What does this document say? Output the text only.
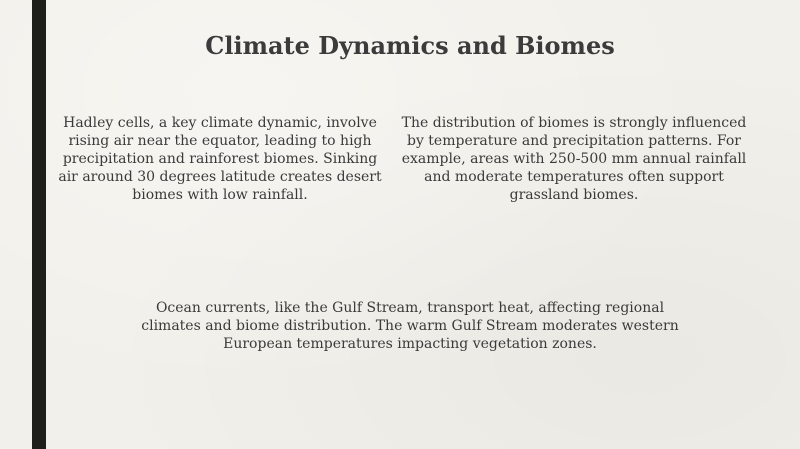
Climate Dynamics and Biomes
Hadley cells, a key climate dynamic, involve rising air near the equator, leading to high precipitation and rainforest biomes. Sinking air around 30 degrees latitude creates desert biomes with low rainfall.
The distribution of biomes is strongly influenced by temperature and precipitation patterns. For example, areas with 250-500 mm annual rainfall and moderate temperatures often support grassland biomes.
Ocean currents, like the Gulf Stream, transport heat, affecting regional climates and biome distribution. The warm Gulf Stream moderates western European temperatures impacting vegetation zones.
